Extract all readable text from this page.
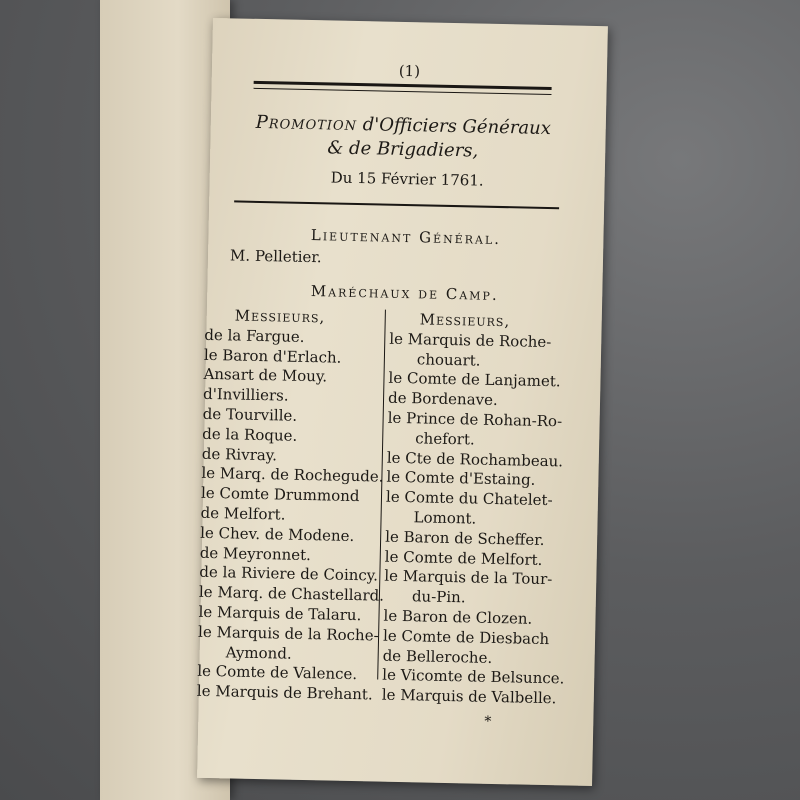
(1)
Promotion d'Officiers Généraux
& de Brigadiers,
Du 15 Février 1761.
Lieutenant Général.
M. Pelletier.
Maréchaux de Camp.
Messieurs,
de la Fargue.
le Baron d'Erlach.
Ansart de Mouy.
d'Invilliers.
de Tourville.
de la Roque.
de Rivray.
le Marq. de Rochegude.
le Comte Drummond
de Melfort.
le Chev. de Modene.
de Meyronnet.
de la Riviere de Coincy.
le Marq. de Chastellard.
le Marquis de Talaru.
le Marquis de la Roche-
Aymond.
le Comte de Valence.
le Marquis de Brehant.
Messieurs,
le Marquis de Roche-
chouart.
le Comte de Lanjamet.
de Bordenave.
le Prince de Rohan-Ro-
chefort.
le Cte de Rochambeau.
le Comte d'Estaing.
le Comte du Chatelet-
Lomont.
le Baron de Scheffer.
le Comte de Melfort.
le Marquis de la Tour-
du-Pin.
le Baron de Clozen.
le Comte de Diesbach
de Belleroche.
le Vicomte de Belsunce.
le Marquis de Valbelle.
*
